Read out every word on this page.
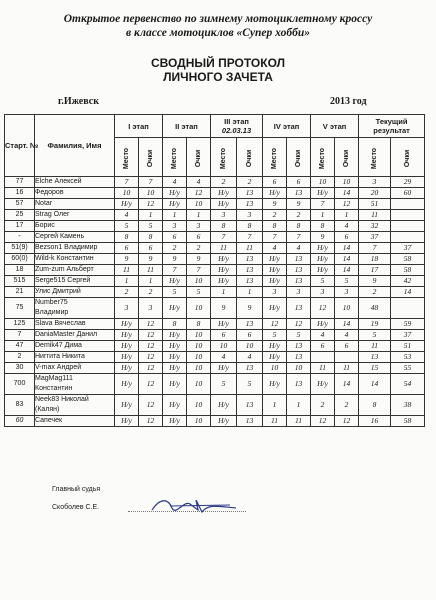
Открытое первенство по зимнему мотоциклетному кроссу
в классе мотоциклов «Супер хобби»
СВОДНЫЙ ПРОТОКОЛ
ЛИЧНОГО ЗАЧЕТА
г.Ижевск	2013 год
Старт. №	Фамилия, Имя	I этап		II этап		III этап
02.03.13		IV этап		V этап		Текущий результат	

		Место	Очки	Место	Очки	Место	Очки	Место	Очки	Место	Очки	Место	Очки
77	Elche Алексей	7	7	4	4	2	2	6	6	10	10	3	29
16	Федоров	10	10	Н/у	12	Н/у	13	Н/у	13	Н/у	14	20	60
57	Notar	Н/у	12	Н/у	10	Н/у	13	9	9	7	12	51	
25	Strag Олег	4	1	1	1	3	3	2	2	1	1	11	
17	Борис	5	5	3	3	8	8	8	8	8	4	32	
-	Сергей Камень	8	8	6	6	7	7	7	7	9	6	37	
51(9)	Bezson1 Владимир	6	6	2	2	11	11	4	4	Н/у	14	7	37
60(0)	Wild-k Константин	9	9	9	9	Н/у	13	Н/у	13	Н/у	14	18	58
18	Zum-zum Альберт	11	11	7	7	Н/у	13	Н/у	13	Н/у	14	17	58
515	Serge515 Сергей	1	1	Н/у	10	Н/у	13	Н/у	13	5	5	9	42
21	Улис Дмитрий	2	2	5	5	1	1	3	3	3	3	2	14
75	Number75
Владимир	3	3	Н/у	10	9	9	Н/у	13	12	10	48	
125	Slava Вячеслав	Н/у	12	8	8	Н/у	13	12	12	Н/у	14	19	59
7	DaniaMaster Данил	Н/у	12	Н/у	10	6	6	5	5	4	4	5	37
47	Demik47 Дима	Н/у	12	Н/у	10	10	10	Н/у	13	6	6	11	51
2	Ниггита Никита	Н/у	12	Н/у	10	4	4	Н/у	13			13	53
30	V-max Андрей	Н/у	12	Н/у	10	Н/у	13	10	10	11	11	15	55
700	MagMag111
Константин	Н/у	12	Н/у	10	5	5	Н/у	13	Н/у	14	14	54
83	Neek83 Николай
(Калян)	Н/у	12	Н/у	10	Н/у	13	1	1	2	2	8	38
60	Сапечек	Н/у	12	Н/у	10	Н/у	13	11	11	12	12	16	58
Главный судья
Скоболев С.Е.
